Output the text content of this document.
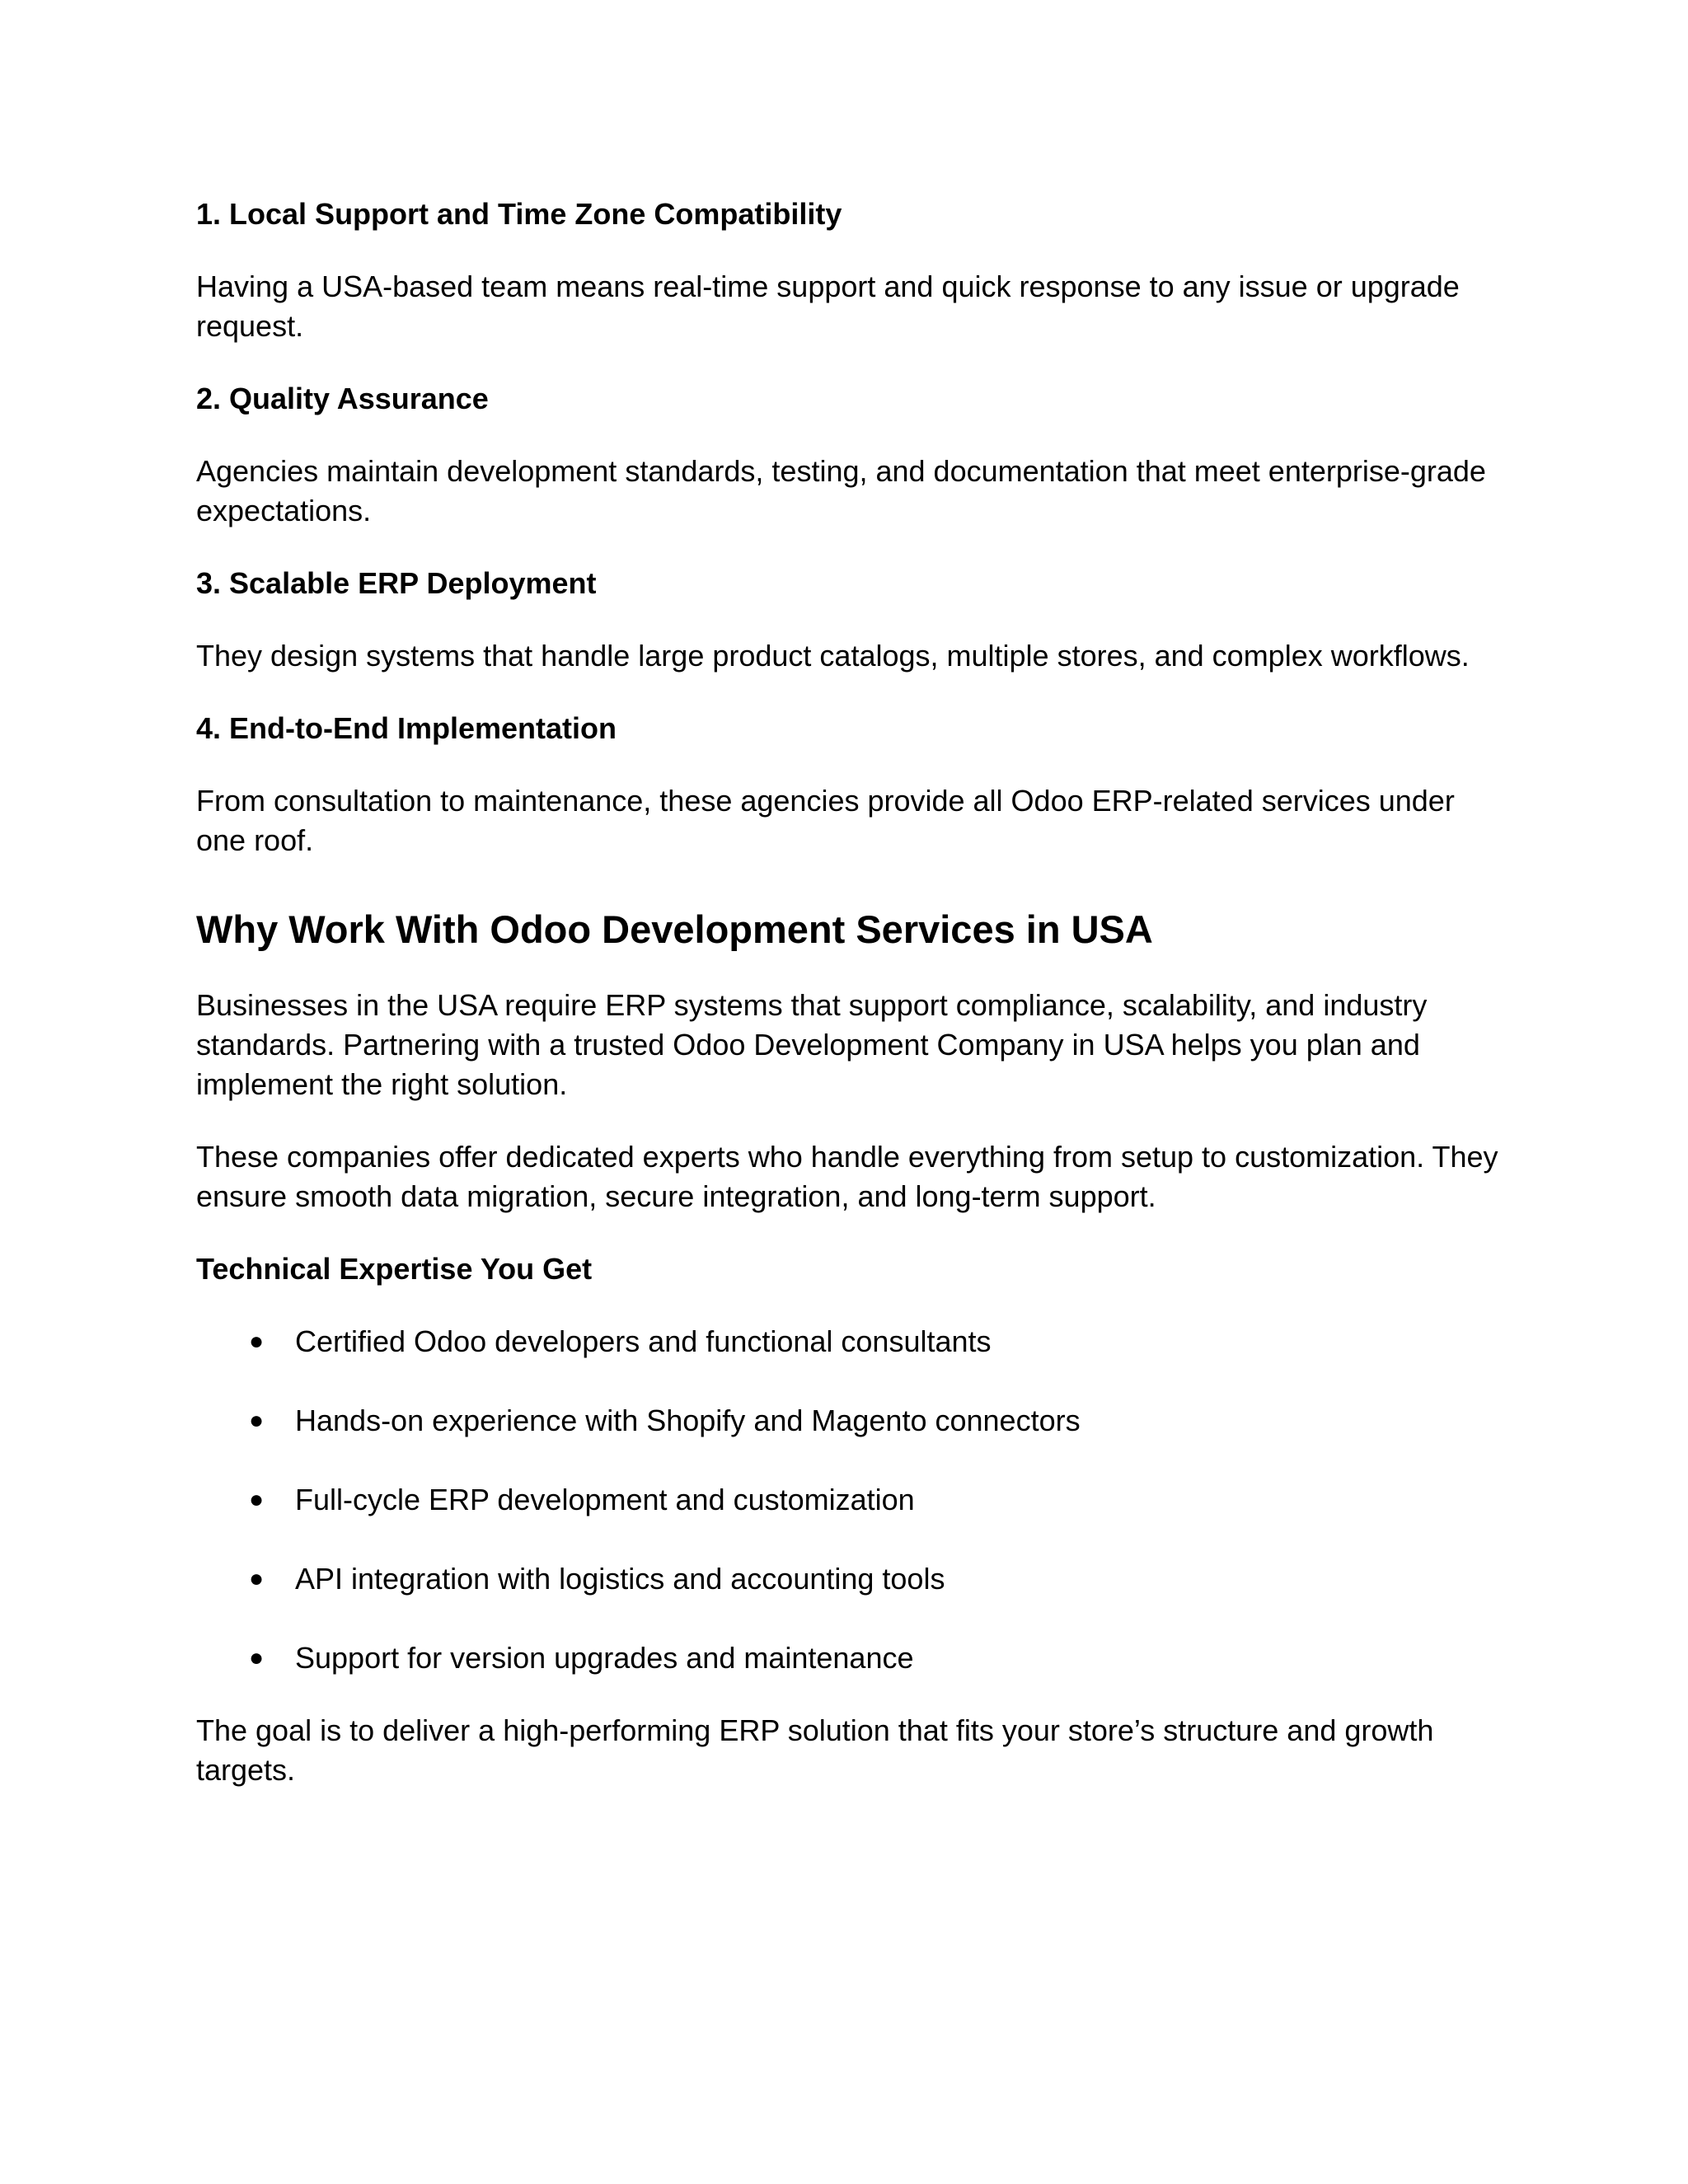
1. Local Support and Time Zone Compatibility

Having a USA-based team means real-time support and quick response to any issue or upgrade request.

2. Quality Assurance

Agencies maintain development standards, testing, and documentation that meet enterprise-grade expectations.

3. Scalable ERP Deployment

They design systems that handle large product catalogs, multiple stores, and complex workflows.

4. End-to-End Implementation

From consultation to maintenance, these agencies provide all Odoo ERP-related services under one roof.

Why Work With Odoo Development Services in USA

Businesses in the USA require ERP systems that support compliance, scalability, and industry standards. Partnering with a trusted Odoo Development Company in USA helps you plan and implement the right solution.

These companies offer dedicated experts who handle everything from setup to customization. They ensure smooth data migration, secure integration, and long-term support.

Technical Expertise You Get
● Certified Odoo developers and functional consultants
● Hands-on experience with Shopify and Magento connectors
● Full-cycle ERP development and customization
● API integration with logistics and accounting tools
● Support for version upgrades and maintenance

The goal is to deliver a high-performing ERP solution that fits your store’s structure and growth targets.
